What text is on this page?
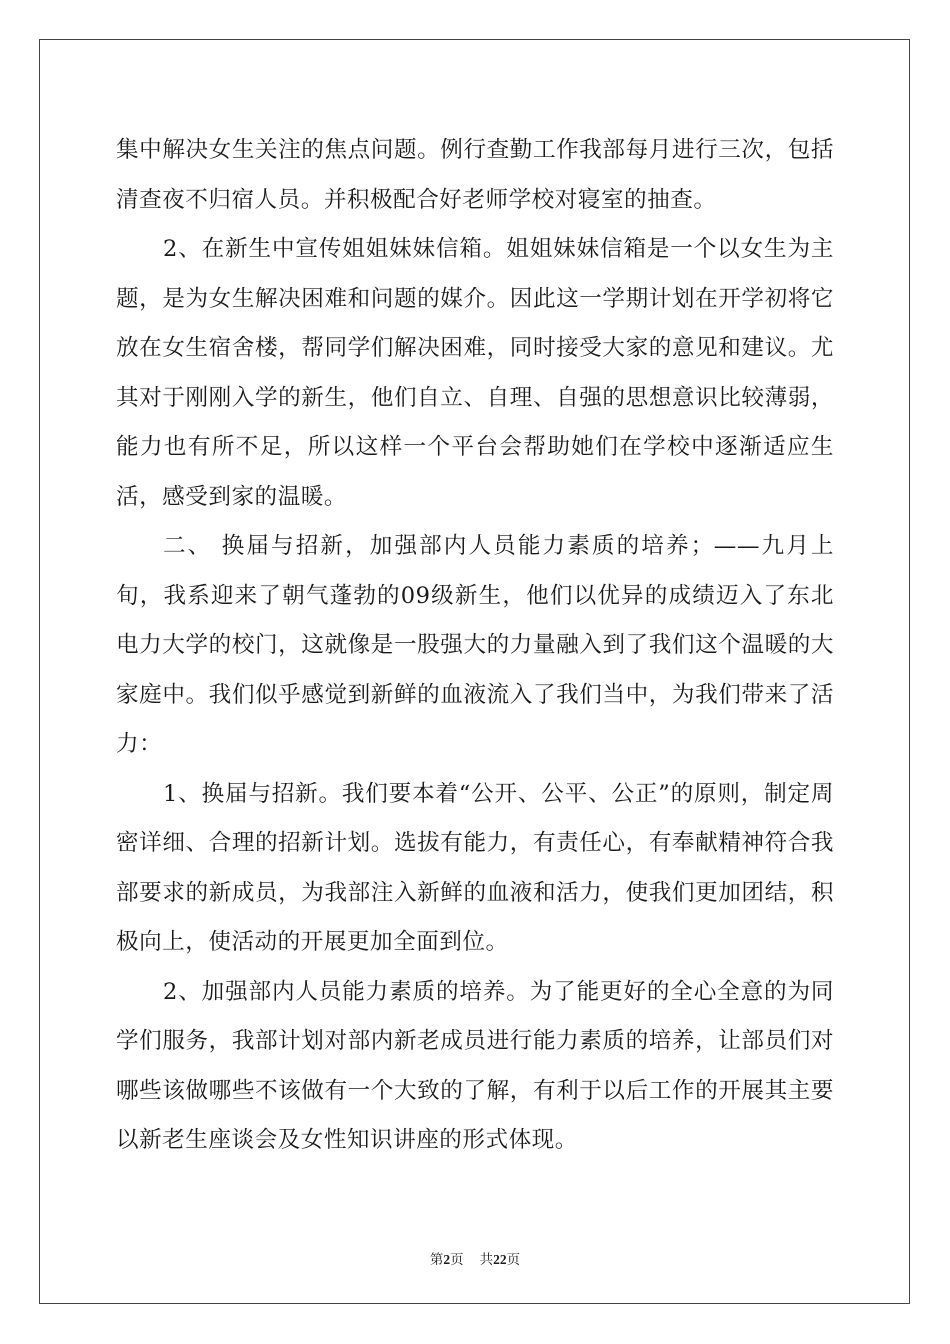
集中解决女生关注的焦点问题。例行查勤工作我部每月进行三次，包括清查夜不归宿人员。并积极配合好老师学校对寝室的抽查。

2、在新生中宣传姐姐妹妹信箱。姐姐妹妹信箱是一个以女生为主题，是为女生解决困难和问题的媒介。因此这一学期计划在开学初将它放在女生宿舍楼，帮同学们解决困难，同时接受大家的意见和建议。尤其对于刚刚入学的新生，他们自立、自理、自强的思想意识比较薄弱，能力也有所不足，所以这样一个平台会帮助她们在学校中逐渐适应生活，感受到家的温暖。

二、 换届与招新，加强部内人员能力素质的培养；——九月上旬，我系迎来了朝气蓬勃的09级新生，他们以优异的成绩迈入了东北电力大学的校门，这就像是一股强大的力量融入到了我们这个温暖的大家庭中。我们似乎感觉到新鲜的血液流入了我们当中，为我们带来了活力：

1、换届与招新。我们要本着“公开、公平、公正”的原则，制定周密详细、合理的招新计划。选拔有能力，有责任心，有奉献精神符合我部要求的新成员，为我部注入新鲜的血液和活力，使我们更加团结，积极向上，使活动的开展更加全面到位。

2、加强部内人员能力素质的培养。为了能更好的全心全意的为同学们服务，我部计划对部内新老成员进行能力素质的培养，让部员们对哪些该做哪些不该做有一个大致的了解，有利于以后工作的开展其主要以新老生座谈会及女性知识讲座的形式体现。

第2页 共22页
